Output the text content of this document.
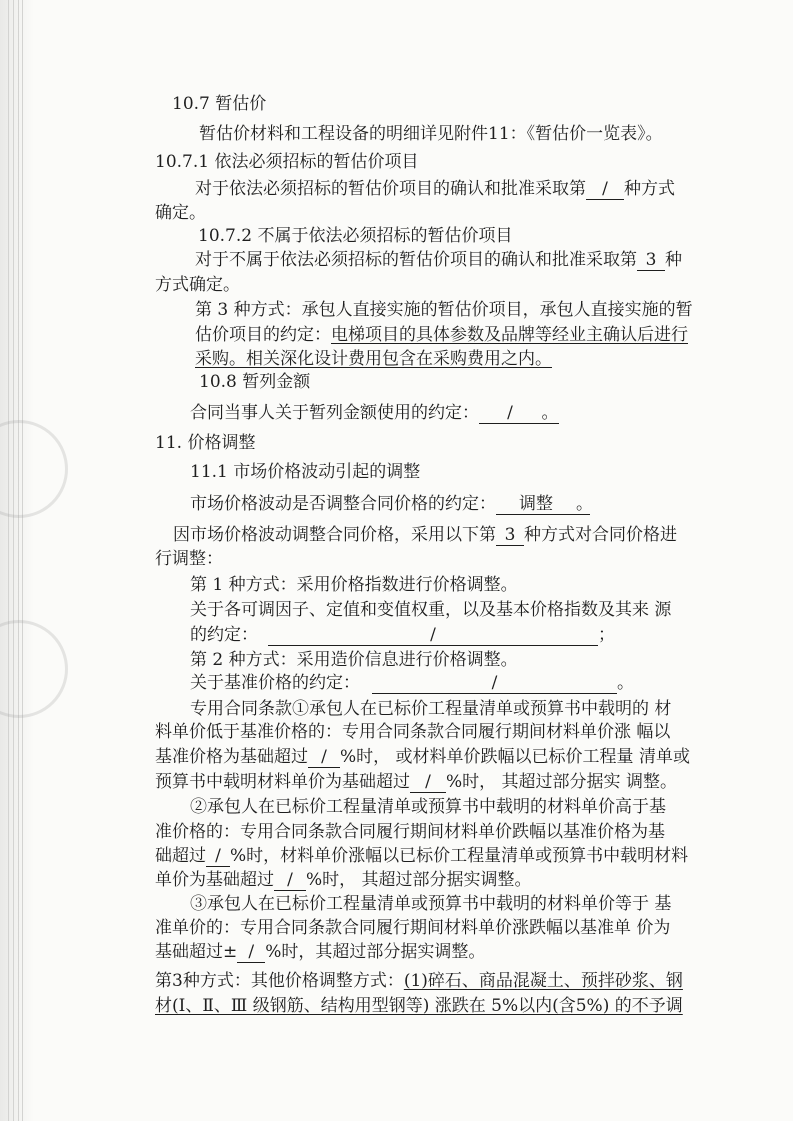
10.7 暂估价
暂估价材料和工程设备的明细详见附件11：《暂估价一览表》。
10.7.1 依法必须招标的暂估价项目
对于依法必须招标的暂估价项目的确认和批准采取第 / 种方式
确定。
10.7.2 不属于依法必须招标的暂估价项目
对于不属于依法必须招标的暂估价项目的确认和批准采取第 3 种
方式确定。
第 3 种方式：承包人直接实施的暂估价项目，承包人直接实施的暂
估价项目的约定：电梯项目的具体参数及品牌等经业主确认后进行
采购。相关深化设计费用包含在采购费用之内。
10.8 暂列金额
合同当事人关于暂列金额使用的约定： / 。
11. 价格调整
11.1 市场价格波动引起的调整
市场价格波动是否调整合同价格的约定： 调整 。
因市场价格波动调整合同价格，采用以下第 3 种方式对合同价格进
行调整：
第 1 种方式：采用价格指数进行价格调整。
关于各可调因子、定值和变值权重，以及基本价格指数及其来 源
的约定：	/	；
第 2 种方式：采用造价信息进行价格调整。
关于基准价格的约定：	/	。
专用合同条款①承包人在已标价工程量清单或预算书中载明的 材
料单价低于基准价格的：专用合同条款合同履行期间材料单价涨 幅以
基准价格为基础超过 / %时， 或材料单价跌幅以已标价工程量 清单或
预算书中载明材料单价为基础超过 / %时， 其超过部分据实 调整。
②承包人在已标价工程量清单或预算书中载明的材料单价高于基
准价格的：专用合同条款合同履行期间材料单价跌幅以基准价格为基
础超过 / %时，材料单价涨幅以已标价工程量清单或预算书中载明材料
单价为基础超过 / %时， 其超过部分据实调整。
③承包人在已标价工程量清单或预算书中载明的材料单价等于 基
准单价的：专用合同条款合同履行期间材料单价涨跌幅以基准单 价为
基础超过± / %时，其超过部分据实调整。
第3种方式：其他价格调整方式：(1)碎石、商品混凝土、预拌砂浆、钢
材(Ⅰ、Ⅱ、Ⅲ 级钢筋、结构用型钢等) 涨跌在 5%以内(含5%) 的不予调
